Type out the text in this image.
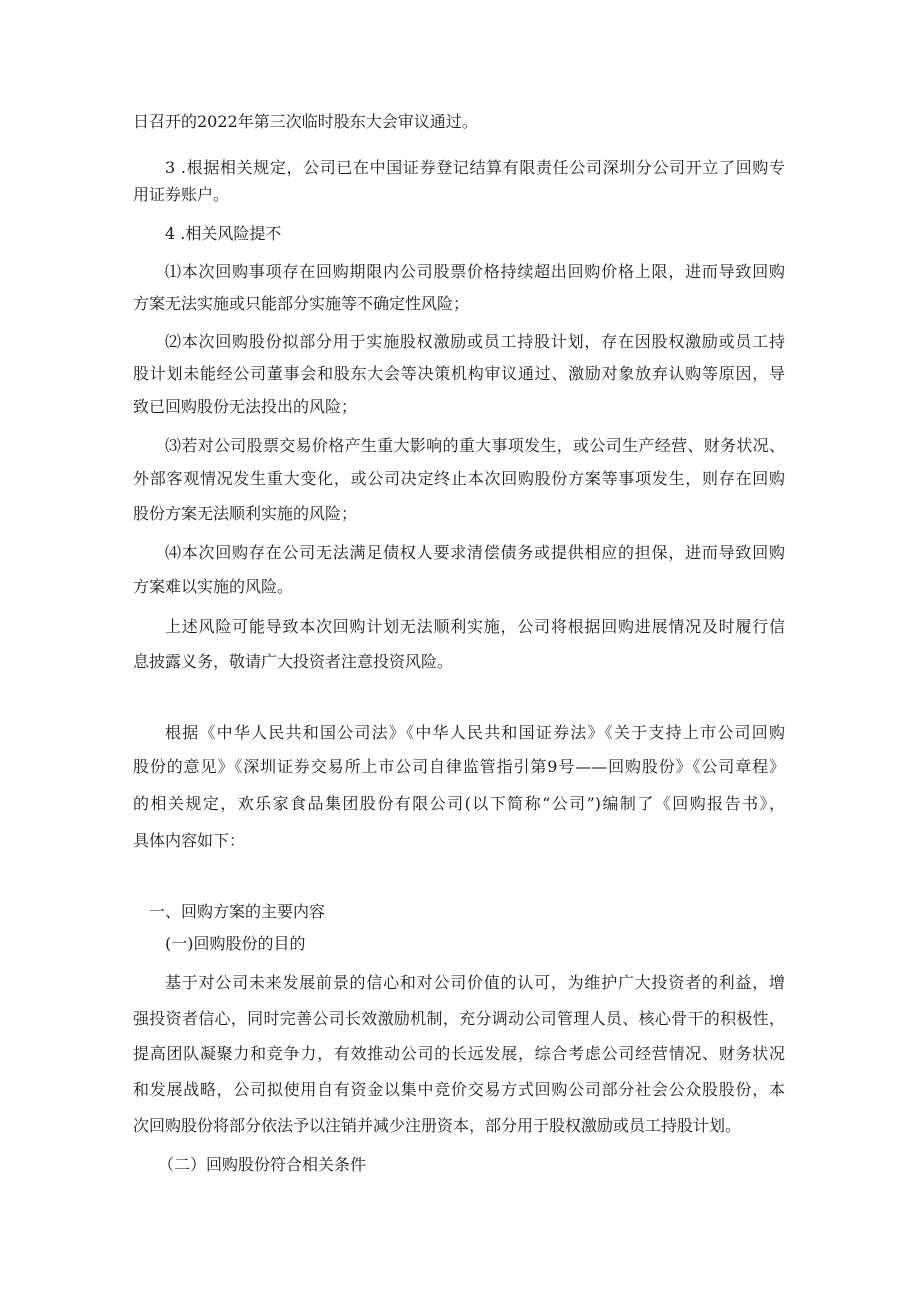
日召开的2022年第三次临时股东大会审议通过。

3 .根据相关规定，公司已在中国证券登记结算有限责任公司深圳分公司开立了回购专

用证券账户。

4 .相关风险提不

⑴本次回购事项存在回购期限内公司股票价格持续超出回购价格上限，进而导致回购

方案无法实施或只能部分实施等不确定性风险；

⑵本次回购股份拟部分用于实施股权激励或员工持股计划，存在因股权激励或员工持

股计划未能经公司董事会和股东大会等决策机构审议通过、激励对象放弃认购等原因，导

致已回购股份无法投出的风险；

⑶若对公司股票交易价格产生重大影响的重大事项发生，或公司生产经营、财务状况、

外部客观情况发生重大变化，或公司决定终止本次回购股份方案等事项发生，则存在回购

股份方案无法顺利实施的风险；

⑷本次回购存在公司无法满足债权人要求清偿债务或提供相应的担保，进而导致回购

方案难以实施的风险。

上述风险可能导致本次回购计划无法顺利实施，公司将根据回购进展情况及时履行信

息披露义务，敬请广大投资者注意投资风险。

根据《中华人民共和国公司法》《中华人民共和国证券法》《关于支持上市公司回购

股份的意见》《深圳证券交易所上市公司自律监管指引第9号——回购股份》《公司章程》

的相关规定，欢乐家食品集团股份有限公司(以下简称“公司”)编制了《回购报告书》，

具体内容如下：

一、回购方案的主要内容

(一)回购股份的目的

基于对公司未来发展前景的信心和对公司价值的认可，为维护广大投资者的利益，增

强投资者信心，同时完善公司长效激励机制，充分调动公司管理人员、核心骨干的积极性，

提高团队凝聚力和竞争力，有效推动公司的长远发展，综合考虑公司经营情况、财务状况

和发展战略，公司拟使用自有资金以集中竞价交易方式回购公司部分社会公众股股份，本

次回购股份将部分依法予以注销并减少注册资本，部分用于股权激励或员工持股计划。

（二）回购股份符合相关条件
